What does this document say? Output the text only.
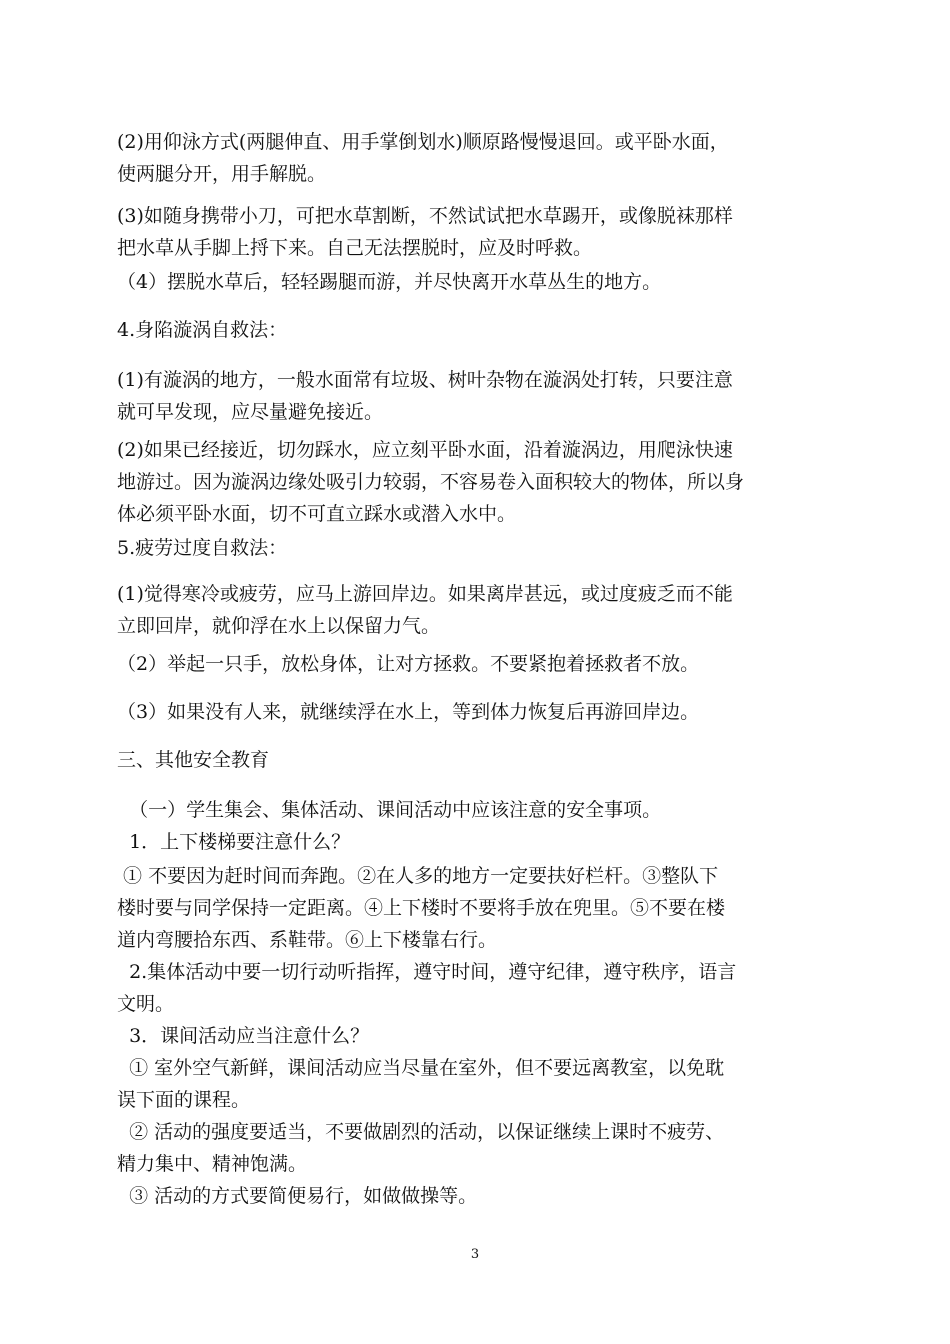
(2)用仰泳方式(两腿伸直、用手掌倒划水)顺原路慢慢退回。或平卧水面，
使两腿分开，用手解脱。

(3)如随身携带小刀，可把水草割断，不然试试把水草踢开，或像脱袜那样
把水草从手脚上捋下来。自己无法摆脱时，应及时呼救。

（4）摆脱水草后，轻轻踢腿而游，并尽快离开水草丛生的地方。

4.身陷漩涡自救法：

(1)有漩涡的地方，一般水面常有垃圾、树叶杂物在漩涡处打转，只要注意
就可早发现，应尽量避免接近。

(2)如果已经接近，切勿踩水，应立刻平卧水面，沿着漩涡边，用爬泳快速
地游过。因为漩涡边缘处吸引力较弱，不容易卷入面积较大的物体，所以身
体必须平卧水面，切不可直立踩水或潜入水中。

5.疲劳过度自救法：

(1)觉得寒冷或疲劳，应马上游回岸边。如果离岸甚远，或过度疲乏而不能
立即回岸，就仰浮在水上以保留力气。

（2）举起一只手，放松身体，让对方拯救。不要紧抱着拯救者不放。

（3）如果没有人来，就继续浮在水上，等到体力恢复后再游回岸边。

三、其他安全教育

（一）学生集会、集体活动、课间活动中应该注意的安全事项。

1．上下楼梯要注意什么？

① 不要因为赶时间而奔跑。②在人多的地方一定要扶好栏杆。③整队下
楼时要与同学保持一定距离。④上下楼时不要将手放在兜里。⑤不要在楼
道内弯腰拾东西、系鞋带。⑥上下楼靠右行。

2.集体活动中要一切行动听指挥，遵守时间，遵守纪律，遵守秩序，语言
文明。

3．课间活动应当注意什么？

① 室外空气新鲜，课间活动应当尽量在室外，但不要远离教室，以免耽
误下面的课程。

② 活动的强度要适当，不要做剧烈的活动，以保证继续上课时不疲劳、
精力集中、精神饱满。

③ 活动的方式要简便易行，如做做操等。

3
